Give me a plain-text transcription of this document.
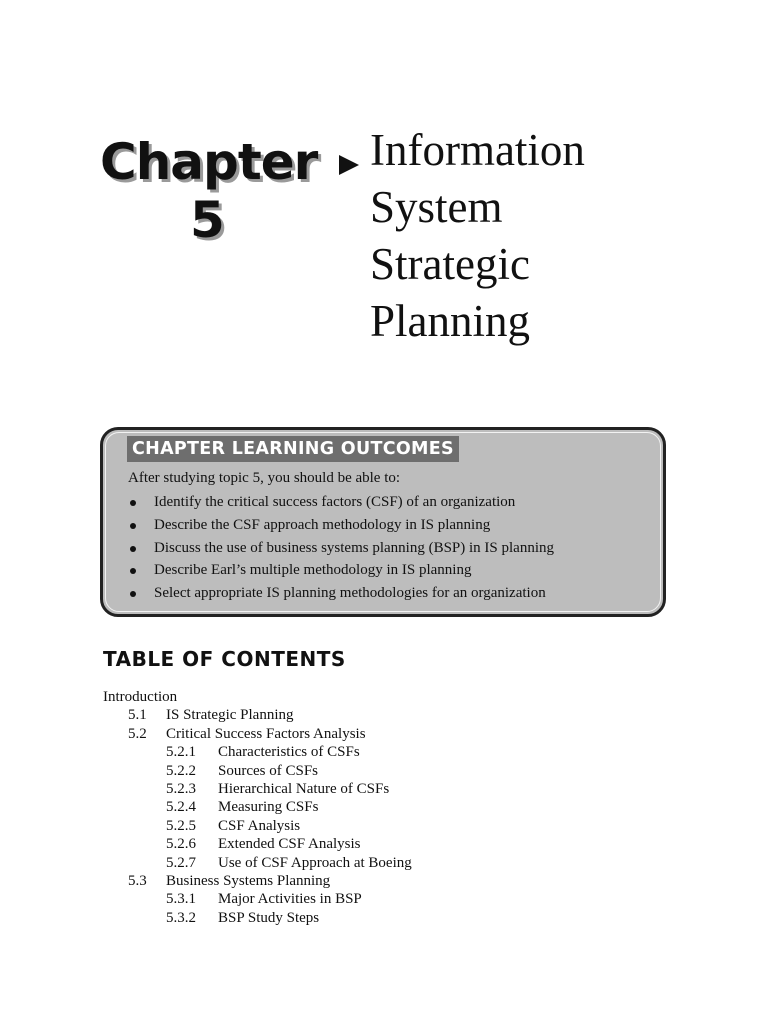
Chapter
5
Information
System
Strategic
Planning
CHAPTER LEARNING OUTCOMES
After studying topic 5, you should be able to:
Identify the critical success factors (CSF) of an organization
Describe the CSF approach methodology in IS planning
Discuss the use of business systems planning (BSP) in IS planning
Describe Earl’s multiple methodology in IS planning
Select appropriate IS planning methodologies for an organization
TABLE OF CONTENTS
Introduction
5.1 IS Strategic Planning
5.2 Critical Success Factors Analysis
5.2.1 Characteristics of CSFs
5.2.2 Sources of CSFs
5.2.3 Hierarchical Nature of CSFs
5.2.4 Measuring CSFs
5.2.5 CSF Analysis
5.2.6 Extended CSF Analysis
5.2.7 Use of CSF Approach at Boeing
5.3 Business Systems Planning
5.3.1 Major Activities in BSP
5.3.2 BSP Study Steps
